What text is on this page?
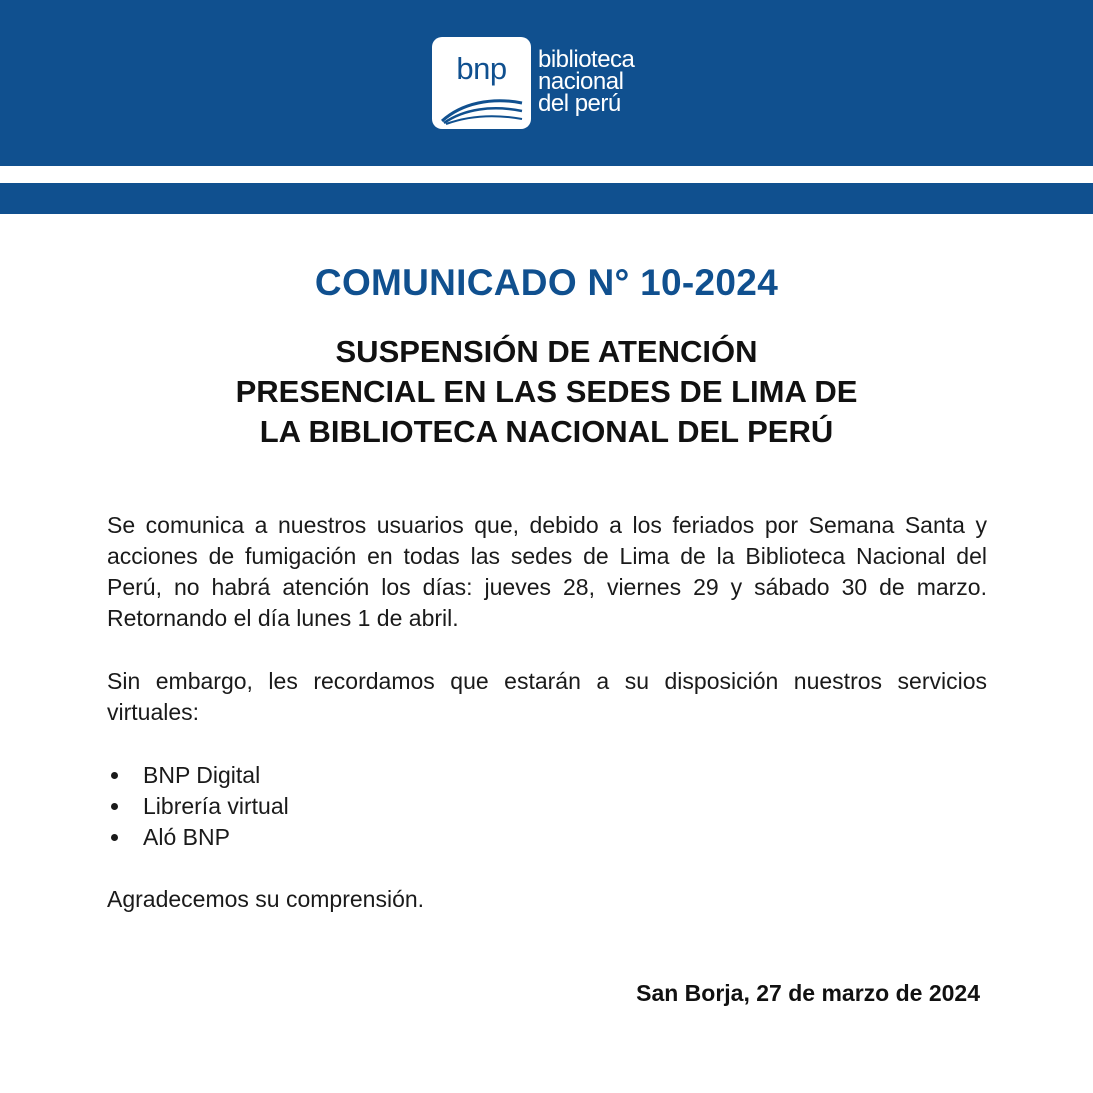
bnp	biblioteca
nacional
del perú
COMUNICADO N° 10-2024
SUSPENSIÓN DE ATENCIÓN
PRESENCIAL EN LAS SEDES DE LIMA DE
LA BIBLIOTECA NACIONAL DEL PERÚ

Se comunica a nuestros usuarios que, debido a los feriados por Semana Santa y acciones de fumigación en todas las sedes de Lima de la Biblioteca Nacional del Perú, no habrá atención los días: jueves 28, viernes 29 y sábado 30 de marzo. Retornando el día lunes 1 de abril.

Sin embargo, les recordamos que estarán a su disposición nuestros servicios virtuales:

BNP Digital
Librería virtual
Aló BNP

Agradecemos su comprensión.

San Borja, 27 de marzo de 2024
